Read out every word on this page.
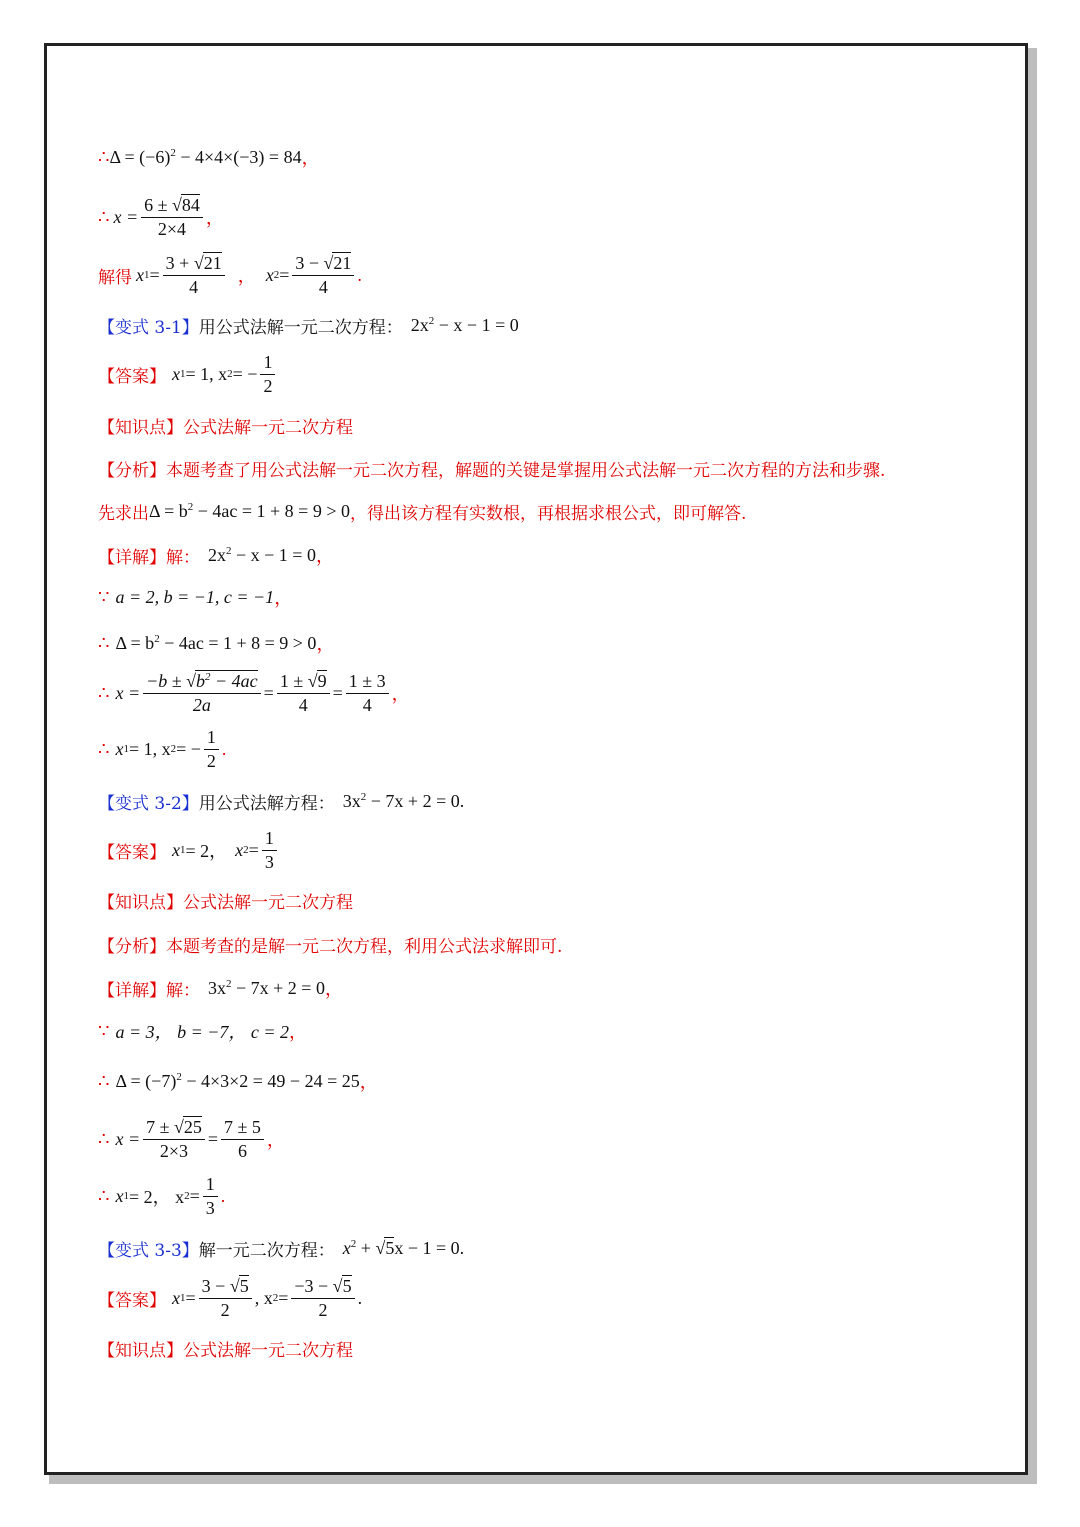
∴ $\Delta = (-6)^2 - 4\times 4\times(-3) = 84$ ，
∴ $x = \frac{6 \pm √84}{2\times 4}$ ，
解得 x $1 = \frac{3 + √21}{4}$ ， x $2 = \frac{3 - √21}{4}$ .
【变式 3-1】 用公式法解一元二次方程： $2x^2 - x - 1 = 0$
【答案】 x 1 = 1, x 2 = − $\frac{1}{2}$
【知识点】 公式法解一元二次方程
【分析】 本题考查了用公式法解一元二次方程，解题的关键是掌握用公式法解一元二次方程的方法和步骤.
先求出 $\Delta = b^2 - 4ac = 1 + 8 = 9 > 0$ ，得出该方程有实数根，再根据求根公式，即可解答.
【详解】 解： $2x^2 - x - 1 = 0$ ，
∵ a = 2, b = −1, c = −1 ，
∴ $\Delta = b^2 - 4ac = 1 + 8 = 9 > 0$ ，
∴ $x = \frac{-b \pm √b^2 - 4ac}{2a} = \frac{1 \pm √9}{4} = \frac{1 \pm 3}{4}$ ，
∴ x 1 = 1, x 2 = − $\frac{1}{2}$ .
【变式 3-2】 用公式法解方程： $3x^2 - 7x + 2 = 0$ .
【答案】 x 1 = 2， x $2 = \frac{1}{3}$
【知识点】 公式法解一元二次方程
【分析】 本题考查的是解一元二次方程，利用公式法求解即可.
【详解】 解： $3x^2 - 7x + 2 = 0$ ，
∵ a = 3， b = −7， c = 2 ，
∴ $\Delta = (-7)^2 - 4\times 3\times 2 = 49 - 24 = 25$ ，
∴ $x = \frac{7 \pm √25}{2\times 3} = \frac{7 \pm 5}{6}$ ，
∴ x 1 = 2， x $2 = \frac{1}{3}$ .
【变式 3-3】 解一元二次方程： $x^2 + √5x - 1 = 0$ .
【答案】 x $1 = \frac{3 - √5}{2}$ , x $2 = \frac{-3 - √5}{2}$ .
【知识点】 公式法解一元二次方程
